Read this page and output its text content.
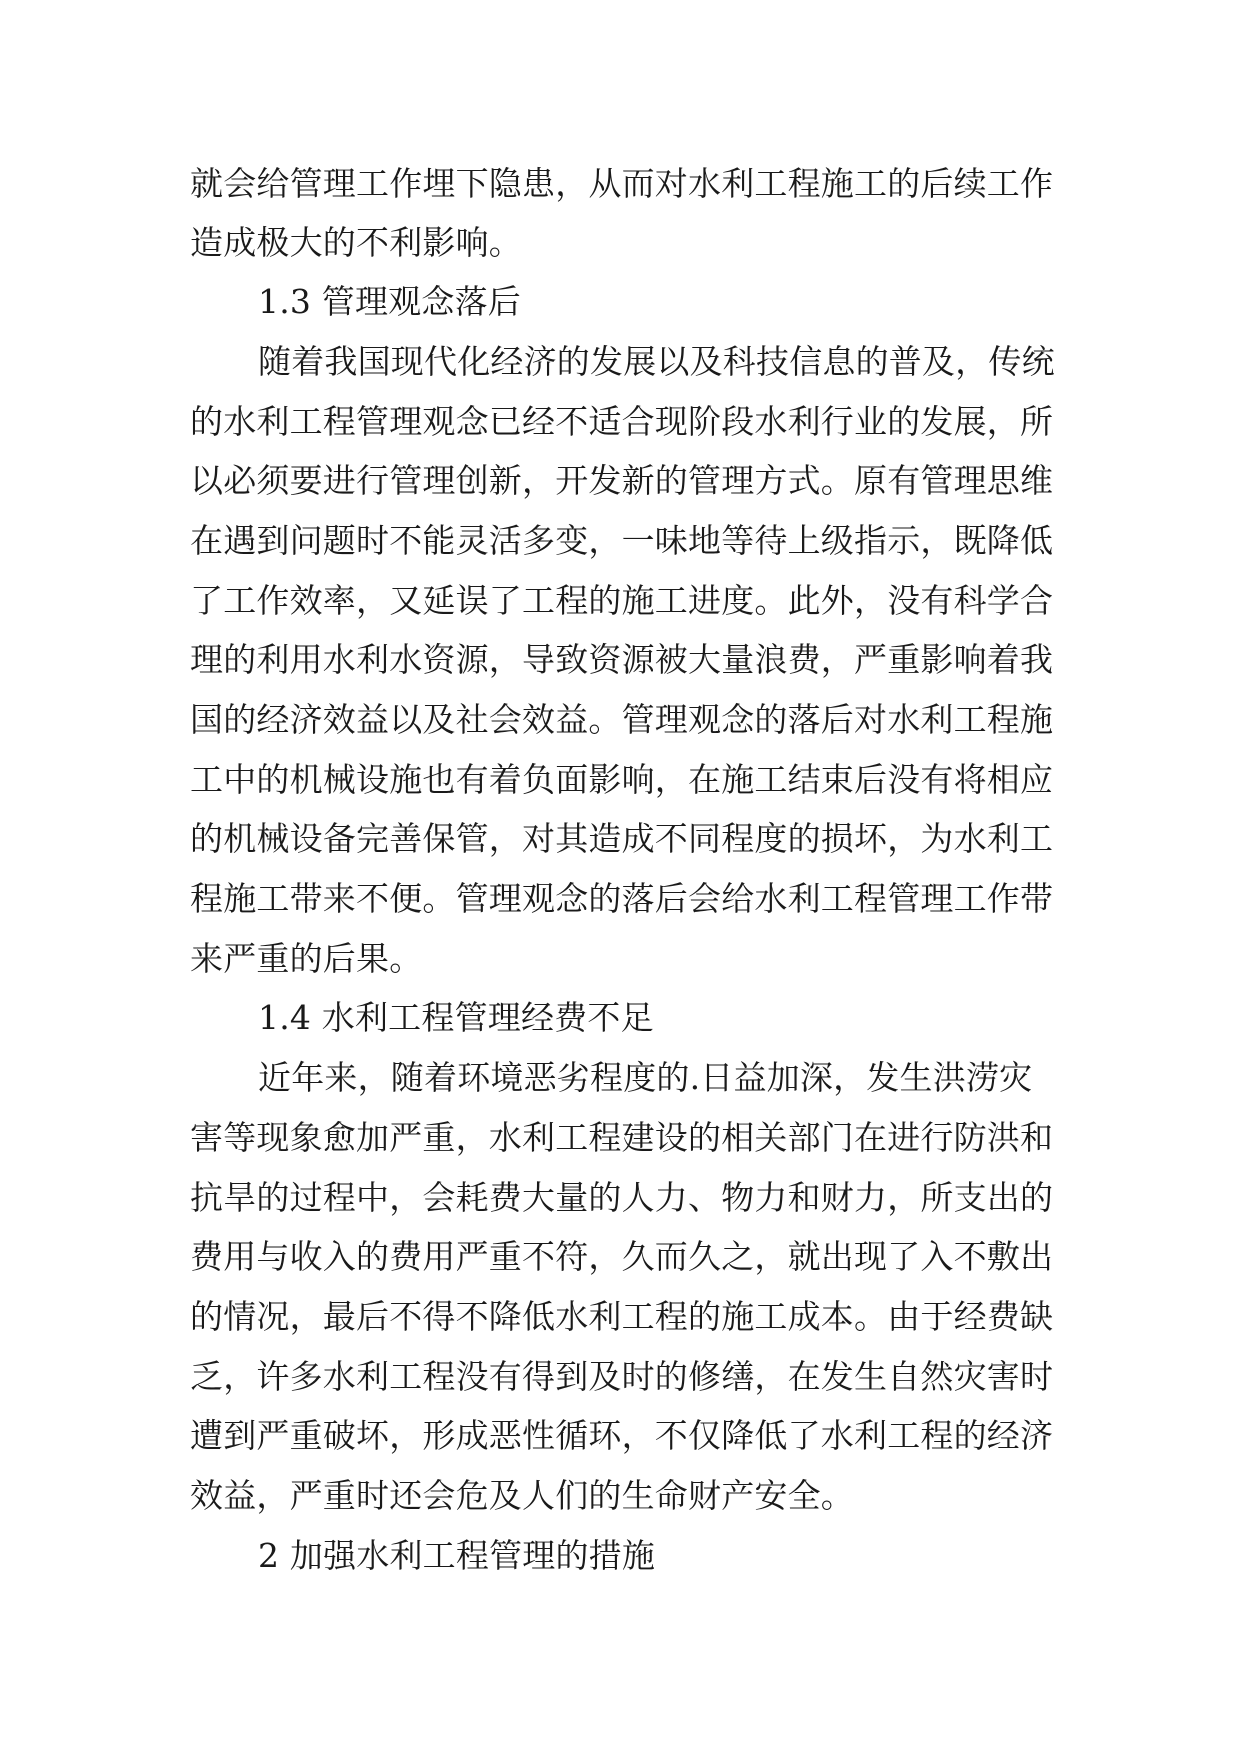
就会给管理工作埋下隐患，从而对水利工程施工的后续工作
造成极大的不利影响。
1.3 管理观念落后
随着我国现代化经济的发展以及科技信息的普及，传统
的水利工程管理观念已经不适合现阶段水利行业的发展，所
以必须要进行管理创新，开发新的管理方式。原有管理思维
在遇到问题时不能灵活多变，一味地等待上级指示，既降低
了工作效率，又延误了工程的施工进度。此外，没有科学合
理的利用水利水资源，导致资源被大量浪费，严重影响着我
国的经济效益以及社会效益。管理观念的落后对水利工程施
工中的机械设施也有着负面影响，在施工结束后没有将相应
的机械设备完善保管，对其造成不同程度的损坏，为水利工
程施工带来不便。管理观念的落后会给水利工程管理工作带
来严重的后果。
1.4 水利工程管理经费不足
近年来，随着环境恶劣程度的.日益加深，发生洪涝灾
害等现象愈加严重，水利工程建设的相关部门在进行防洪和
抗旱的过程中，会耗费大量的人力、物力和财力，所支出的
费用与收入的费用严重不符，久而久之，就出现了入不敷出
的情况，最后不得不降低水利工程的施工成本。由于经费缺
乏，许多水利工程没有得到及时的修缮，在发生自然灾害时
遭到严重破坏，形成恶性循环，不仅降低了水利工程的经济
效益，严重时还会危及人们的生命财产安全。
2 加强水利工程管理的措施
